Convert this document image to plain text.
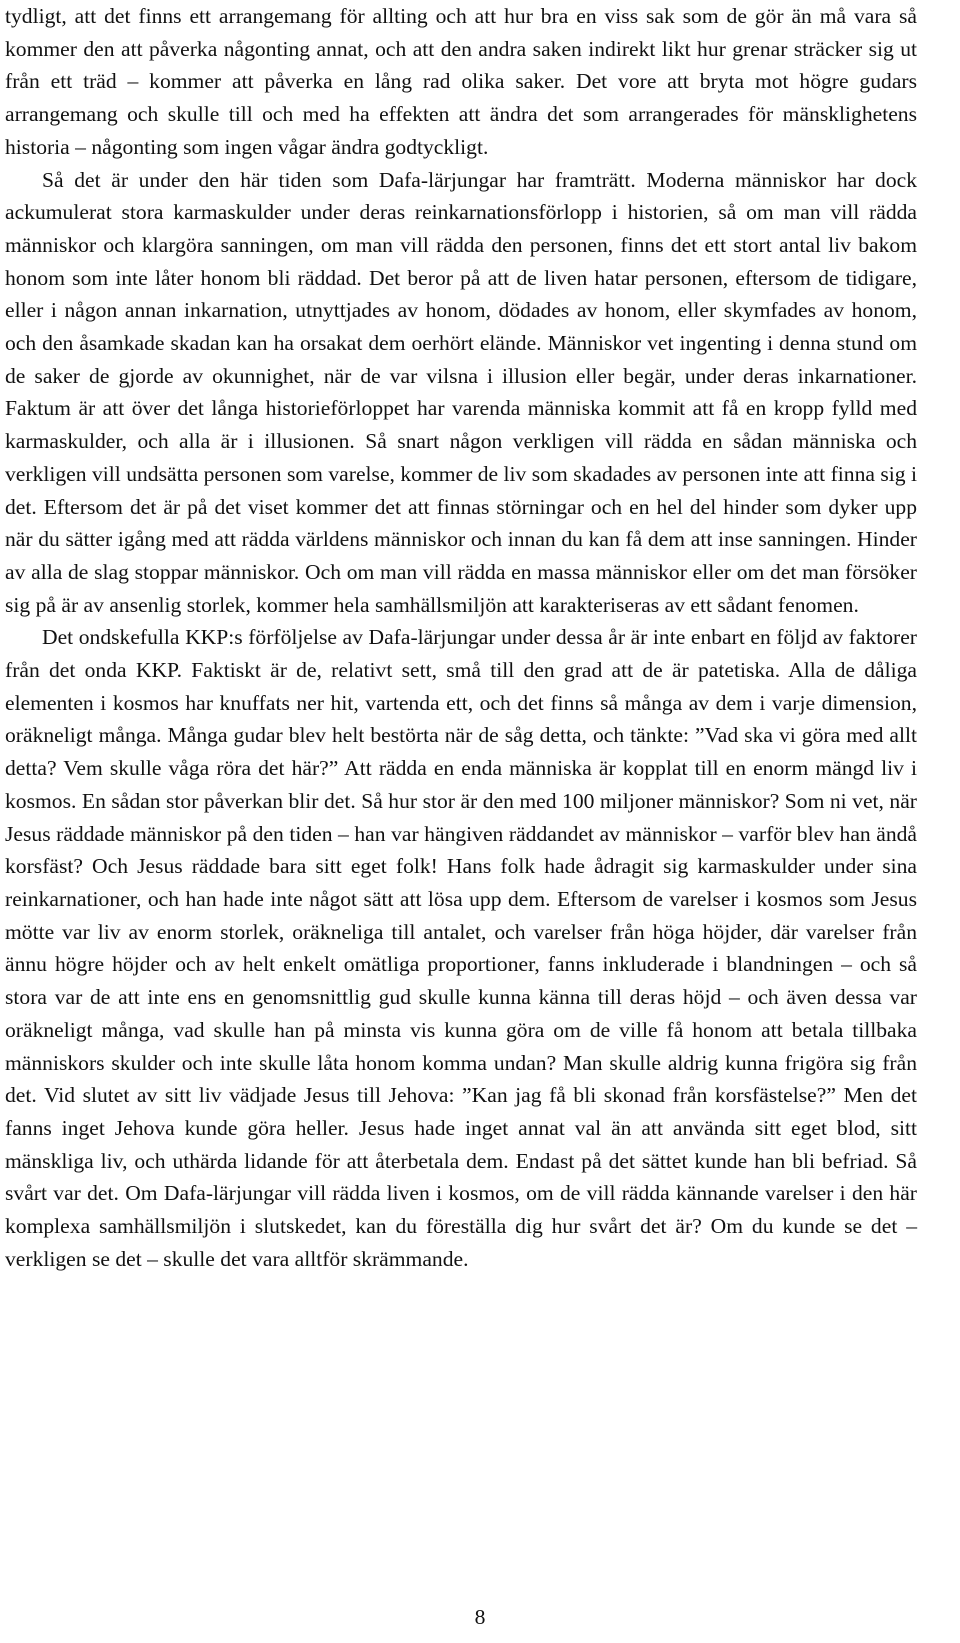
tydligt, att det finns ett arrangemang för allting och att hur bra en viss sak som de gör än må vara så kommer den att påverka någonting annat, och att den andra saken indirekt likt hur grenar sträcker sig ut från ett träd – kommer att påverka en lång rad olika saker. Det vore att bryta mot högre gudars arrangemang och skulle till och med ha effekten att ändra det som arrangerades för mänsklighetens historia – någonting som ingen vågar ändra godtyckligt.

Så det är under den här tiden som Dafa-lärjungar har framträtt. Moderna människor har dock ackumulerat stora karmaskulder under deras reinkarnationsförlopp i historien, så om man vill rädda människor och klargöra sanningen, om man vill rädda den personen, finns det ett stort antal liv bakom honom som inte låter honom bli räddad. Det beror på att de liven hatar personen, eftersom de tidigare, eller i någon annan inkarnation, utnyttjades av honom, dödades av honom, eller skymfades av honom, och den åsamkade skadan kan ha orsakat dem oerhört elände. Människor vet ingenting i denna stund om de saker de gjorde av okunnighet, när de var vilsna i illusion eller begär, under deras inkarnationer. Faktum är att över det långa historieförloppet har varenda människa kommit att få en kropp fylld med karmaskulder, och alla är i illusionen. Så snart någon verkligen vill rädda en sådan människa och verkligen vill undsätta personen som varelse, kommer de liv som skadades av personen inte att finna sig i det. Eftersom det är på det viset kommer det att finnas störningar och en hel del hinder som dyker upp när du sätter igång med att rädda världens människor och innan du kan få dem att inse sanningen. Hinder av alla de slag stoppar människor. Och om man vill rädda en massa människor eller om det man försöker sig på är av ansenlig storlek, kommer hela samhällsmiljön att karakteriseras av ett sådant fenomen.

Det ondskefulla KKP:s förföljelse av Dafa-lärjungar under dessa år är inte enbart en följd av faktorer från det onda KKP. Faktiskt är de, relativt sett, små till den grad att de är patetiska. Alla de dåliga elementen i kosmos har knuffats ner hit, vartenda ett, och det finns så många av dem i varje dimension, oräkneligt många. Många gudar blev helt bestörta när de såg detta, och tänkte: ”Vad ska vi göra med allt detta? Vem skulle våga röra det här?” Att rädda en enda människa är kopplat till en enorm mängd liv i kosmos. En sådan stor påverkan blir det. Så hur stor är den med 100 miljoner människor? Som ni vet, när Jesus räddade människor på den tiden – han var hängiven räddandet av människor – varför blev han ändå korsfäst? Och Jesus räddade bara sitt eget folk! Hans folk hade ådragit sig karmaskulder under sina reinkarnationer, och han hade inte något sätt att lösa upp dem. Eftersom de varelser i kosmos som Jesus mötte var liv av enorm storlek, oräkneliga till antalet, och varelser från höga höjder, där varelser från ännu högre höjder och av helt enkelt omätliga proportioner, fanns inkluderade i blandningen – och så stora var de att inte ens en genomsnittlig gud skulle kunna känna till deras höjd – och även dessa var oräkneligt många, vad skulle han på minsta vis kunna göra om de ville få honom att betala tillbaka människors skulder och inte skulle låta honom komma undan? Man skulle aldrig kunna frigöra sig från det. Vid slutet av sitt liv vädjade Jesus till Jehova: ”Kan jag få bli skonad från korsfästelse?” Men det fanns inget Jehova kunde göra heller. Jesus hade inget annat val än att använda sitt eget blod, sitt mänskliga liv, och uthärda lidande för att återbetala dem. Endast på det sättet kunde han bli befriad. Så svårt var det. Om Dafa-lärjungar vill rädda liven i kosmos, om de vill rädda kännande varelser i den här komplexa samhällsmiljön i slutskedet, kan du föreställa dig hur svårt det är? Om du kunde se det – verkligen se det – skulle det vara alltför skrämmande.

8
